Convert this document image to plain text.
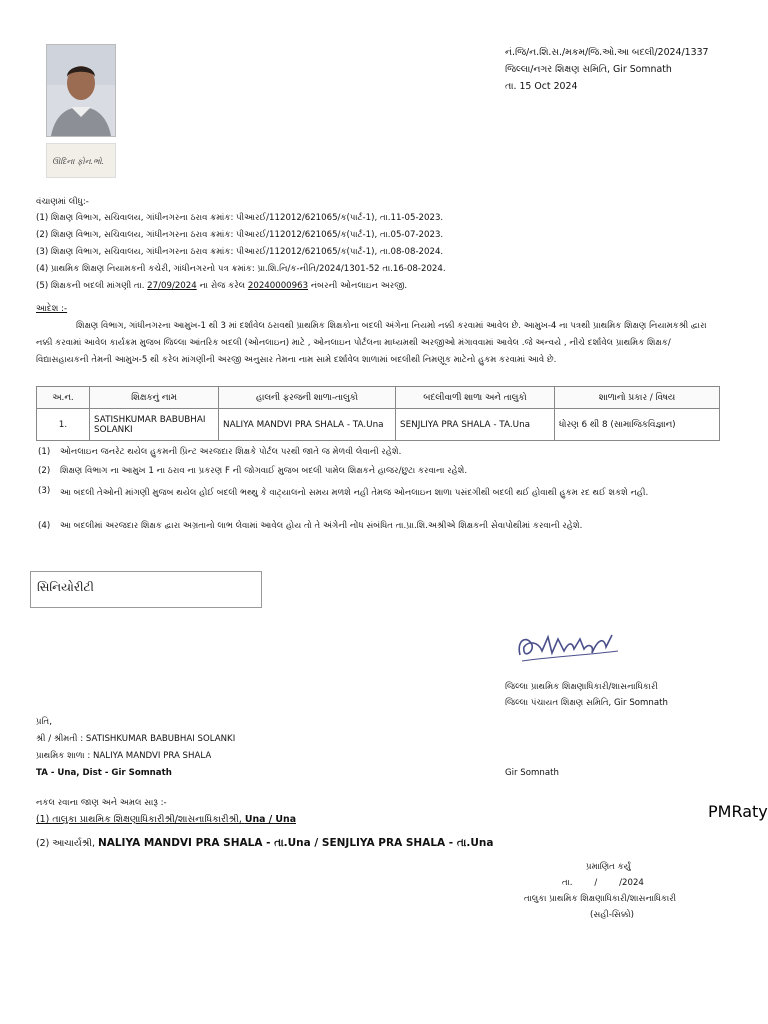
ઊદિના ફોન.ભો.
નં.જિ/ન.શિ.સ./મકમ/જિ.ઓ.આ બદલી/2024/1337
જિલ્લા/નગર શિક્ષણ સમિતિ, Gir Somnath
તા. 15 Oct 2024
વંચાણમાં લીધુ:-
(1) શિક્ષણ વિભાગ, સચિવાલય, ગાંધીનગરના ઠરાવ ક્રમાંક: પીઆરઈ/112012/621065/ક(પાર્ટ-1), તા.11-05-2023.
(2) શિક્ષણ વિભાગ, સચિવાલય, ગાંધીનગરના ઠરાવ ક્રમાંક: પીઆરઈ/112012/621065/ક(પાર્ટ-1), તા.05-07-2023.
(3) શિક્ષણ વિભાગ, સચિવાલય, ગાંધીનગરના ઠરાવ ક્રમાંક: પીઆરઈ/112012/621065/ક(પાર્ટ-1), તા.08-08-2024.
(4) પ્રાથમિક શિક્ષણ નિયામકની કચેરી, ગાંધીનગરનો પત્ર ક્રમાંક: પ્રા.શિ.નિ/ક-નીતિ/2024/1301-52 તા.16-08-2024.
(5) શિક્ષકની બદલી માંગણી તા. 27/09/2024 ના રોજ કરેલ 20240000963 નંબરની ઓનલાઇન અરજી.
આદેશ :-
શિક્ષણ વિભાગ, ગાંધીનગરના આમુખ-1 થી 3 માં દર્શાવેલ ઠરાવથી પ્રાથમિક શિક્ષકોના બદલી અંગેના નિયમો નક્કી કરવામાં આવેલ છે. આમુખ-4 ના પત્રથી પ્રાથમિક શિક્ષણ નિયામકશ્રી દ્વારા નક્કી કરવામાં આવેલ કાર્યક્રમ મુજબ જિલ્લા આંતરિક બદલી (ઓનલાઇન) માટે , ઓનલાઇન પોર્ટલના માધ્યમથી અરજીઓ મંગાવવામાં આવેલ .જે અન્વયે , નીચે દર્શાવેલ પ્રાથમિક શિક્ષક/વિદ્યાસહાયકની તેમની આમુખ-5 થી કરેલ માંગણીની અરજી અનુસાર તેમના નામ સામે દર્શાવેલ શાળામાં બદલીથી નિમણૂક માટેનો હુકમ કરવામાં આવે છે.
અ.ન.	શિક્ષકનું નામ	હાલની ફરજની શાળા-તાલુકો	બદલીવાળી શાળા અને તાલુકો	શાળાનો પ્રકાર / વિષય
1.	SATISHKUMAR BABUBHAI SOLANKI	NALIYA MANDVI PRA SHALA - TA.Una	SENJLIYA PRA SHALA - TA.Una	ધોરણ 6 થી 8 (સામાજિકવિજ્ઞાન)
(1) ઓનલાઇન જનરેટ થયેલ હુકમની પ્રિન્ટ અરજદાર શિક્ષકે પોર્ટલ પરથી જાતે જ મેળવી લેવાની રહેશે.
(2) શિક્ષણ વિભાગ ના આમુખ 1 ના ઠરાવ ના પ્રકરણ F ની જોગવાઈ મુજબ બદલી પામેલ શિક્ષકને હાજર/છુટા કરવાના રહેશે.
(3) આ બદલી તેઓની માંગણી મુજબ થયેલ હોઈ બદલી ભથ્થુ કે વાટ્યાલનો સમય મળશે નહી તેમજ ઓનલાઇન શાળા પસંદગીથી બદલી થઈ હોવાથી હુકમ રદ થઈ શકશે નહી.
(4) આ બદલીમાં અરજદાર શિક્ષક દ્વારા અગ્રતાનો લાભ લેવામાં આવેલ હોય તો તે અંગેની નોંધ સંબંધિત તા.પ્રા.શિ.અશ્રીએ શિક્ષકની સેવાપોથીમાં કરવાની રહેશે.
સિનિયોરીટી
PMRaty
જિલ્લા પ્રાથમિક શિક્ષણાધિકારી/શાસનાધિકારી
જિલ્લા પંચાયત શિક્ષણ સમિતિ, Gir Somnath
પ્રતિ,
શ્રી / શ્રીમતી : SATISHKUMAR BABUBHAI SOLANKI
પ્રાથમિક શાળા : NALIYA MANDVI PRA SHALA
TA - Una, Dist - Gir Somnath	Gir Somnath
નકલ રવાના જાણ અને અમલ સારૂ :-
(1) તાલુકા પ્રાથમિક શિક્ષણાધિકારીશ્રી/શાસનાધિકારીશ્રી, Una / Una
(2) આચાર્યશ્રી, NALIYA MANDVI PRA SHALA - તા.Una / SENJLIYA PRA SHALA - તા.Una
પ્રમાણિત કર્યું
તા.        /        /2024
તાલુકા પ્રાથમિક શિક્ષણાધિકારી/શાસનાધિકારી
(સહી-સિક્કો)
